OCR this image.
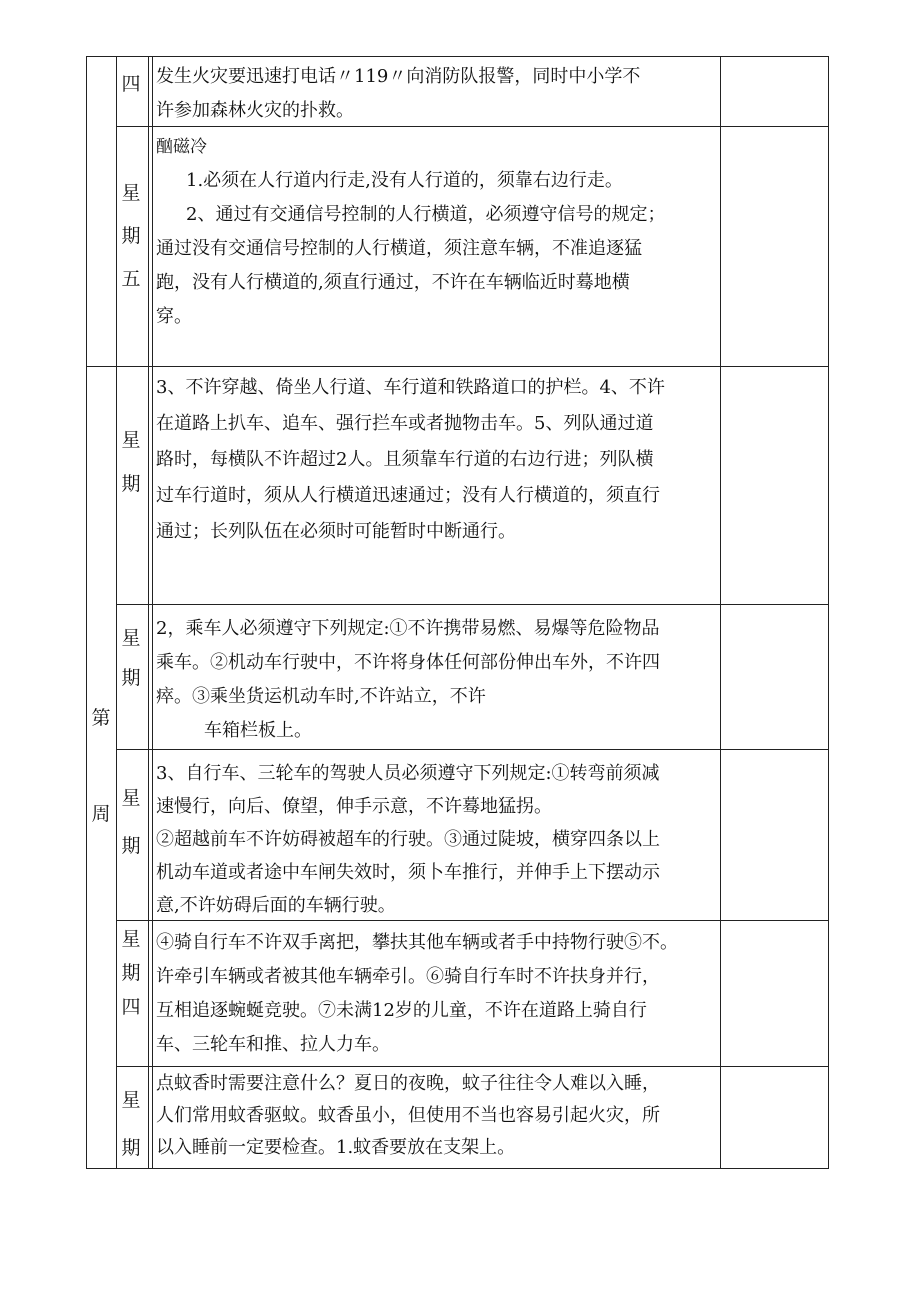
第
周
四 发生火灾要迅速打电话〃119〃向消防队报警，同时中小学不

许参加森林火灾的扑救。

星
期
五

酗磁冷

1.必须在人行道内行走,没有人行道的，须靠右边行走。

2、通过有交通信号控制的人行横道，必须遵守信号的规定；

通过没有交通信号控制的人行横道，须注意车辆，不准追逐猛

跑，没有人行横道的,须直行通过，不许在车辆临近时蓦地横

穿。

星
期

3、不许穿越、倚坐人行道、车行道和铁路道口的护栏。4、不许

在道路上扒车、追车、强行拦车或者抛物击车。5、列队通过道

路时，每横队不许超过2人。且须靠车行道的右边行进；列队横

过车行道时，须从人行横道迅速通过；没有人行横道的，须直行

通过；长列队伍在必须时可能暂时中断通行。

星
期

2，乘车人必须遵守下列规定:①不许携带易燃、易爆等危险物品

乘车。②机动车行驶中，不许将身体任何部份伸出车外，不许四

瘁。③乘坐货运机动车时,不许站立，不许

车箱栏板上。

星
期

3、自行车、三轮车的驾驶人员必须遵守下列规定:①转弯前须减

速慢行，向后、僚望，伸手示意，不许蓦地猛拐。

②超越前车不许妨碍被超车的行驶。③通过陡坡，横穿四条以上

机动车道或者途中车闸失效时，须卜车推行，并伸手上下摆动示

意,不许妨碍后面的车辆行驶。

星
期
四

④骑自行车不许双手离把，攀扶其他车辆或者手中持物行驶⑤不。

许牵引车辆或者被其他车辆牵引。⑥骑自行车时不许扶身并行，

互相追逐蜿蜒竞驶。⑦未满12岁的儿童，不许在道路上骑自行

车、三轮车和推、拉人力车。

星
期

点蚊香时需要注意什么？夏日的夜晚，蚊子往往令人难以入睡，

人们常用蚊香驱蚊。蚊香虽小，但使用不当也容易引起火灾，所

以入睡前一定要检查。1.蚊香要放在支架上。
